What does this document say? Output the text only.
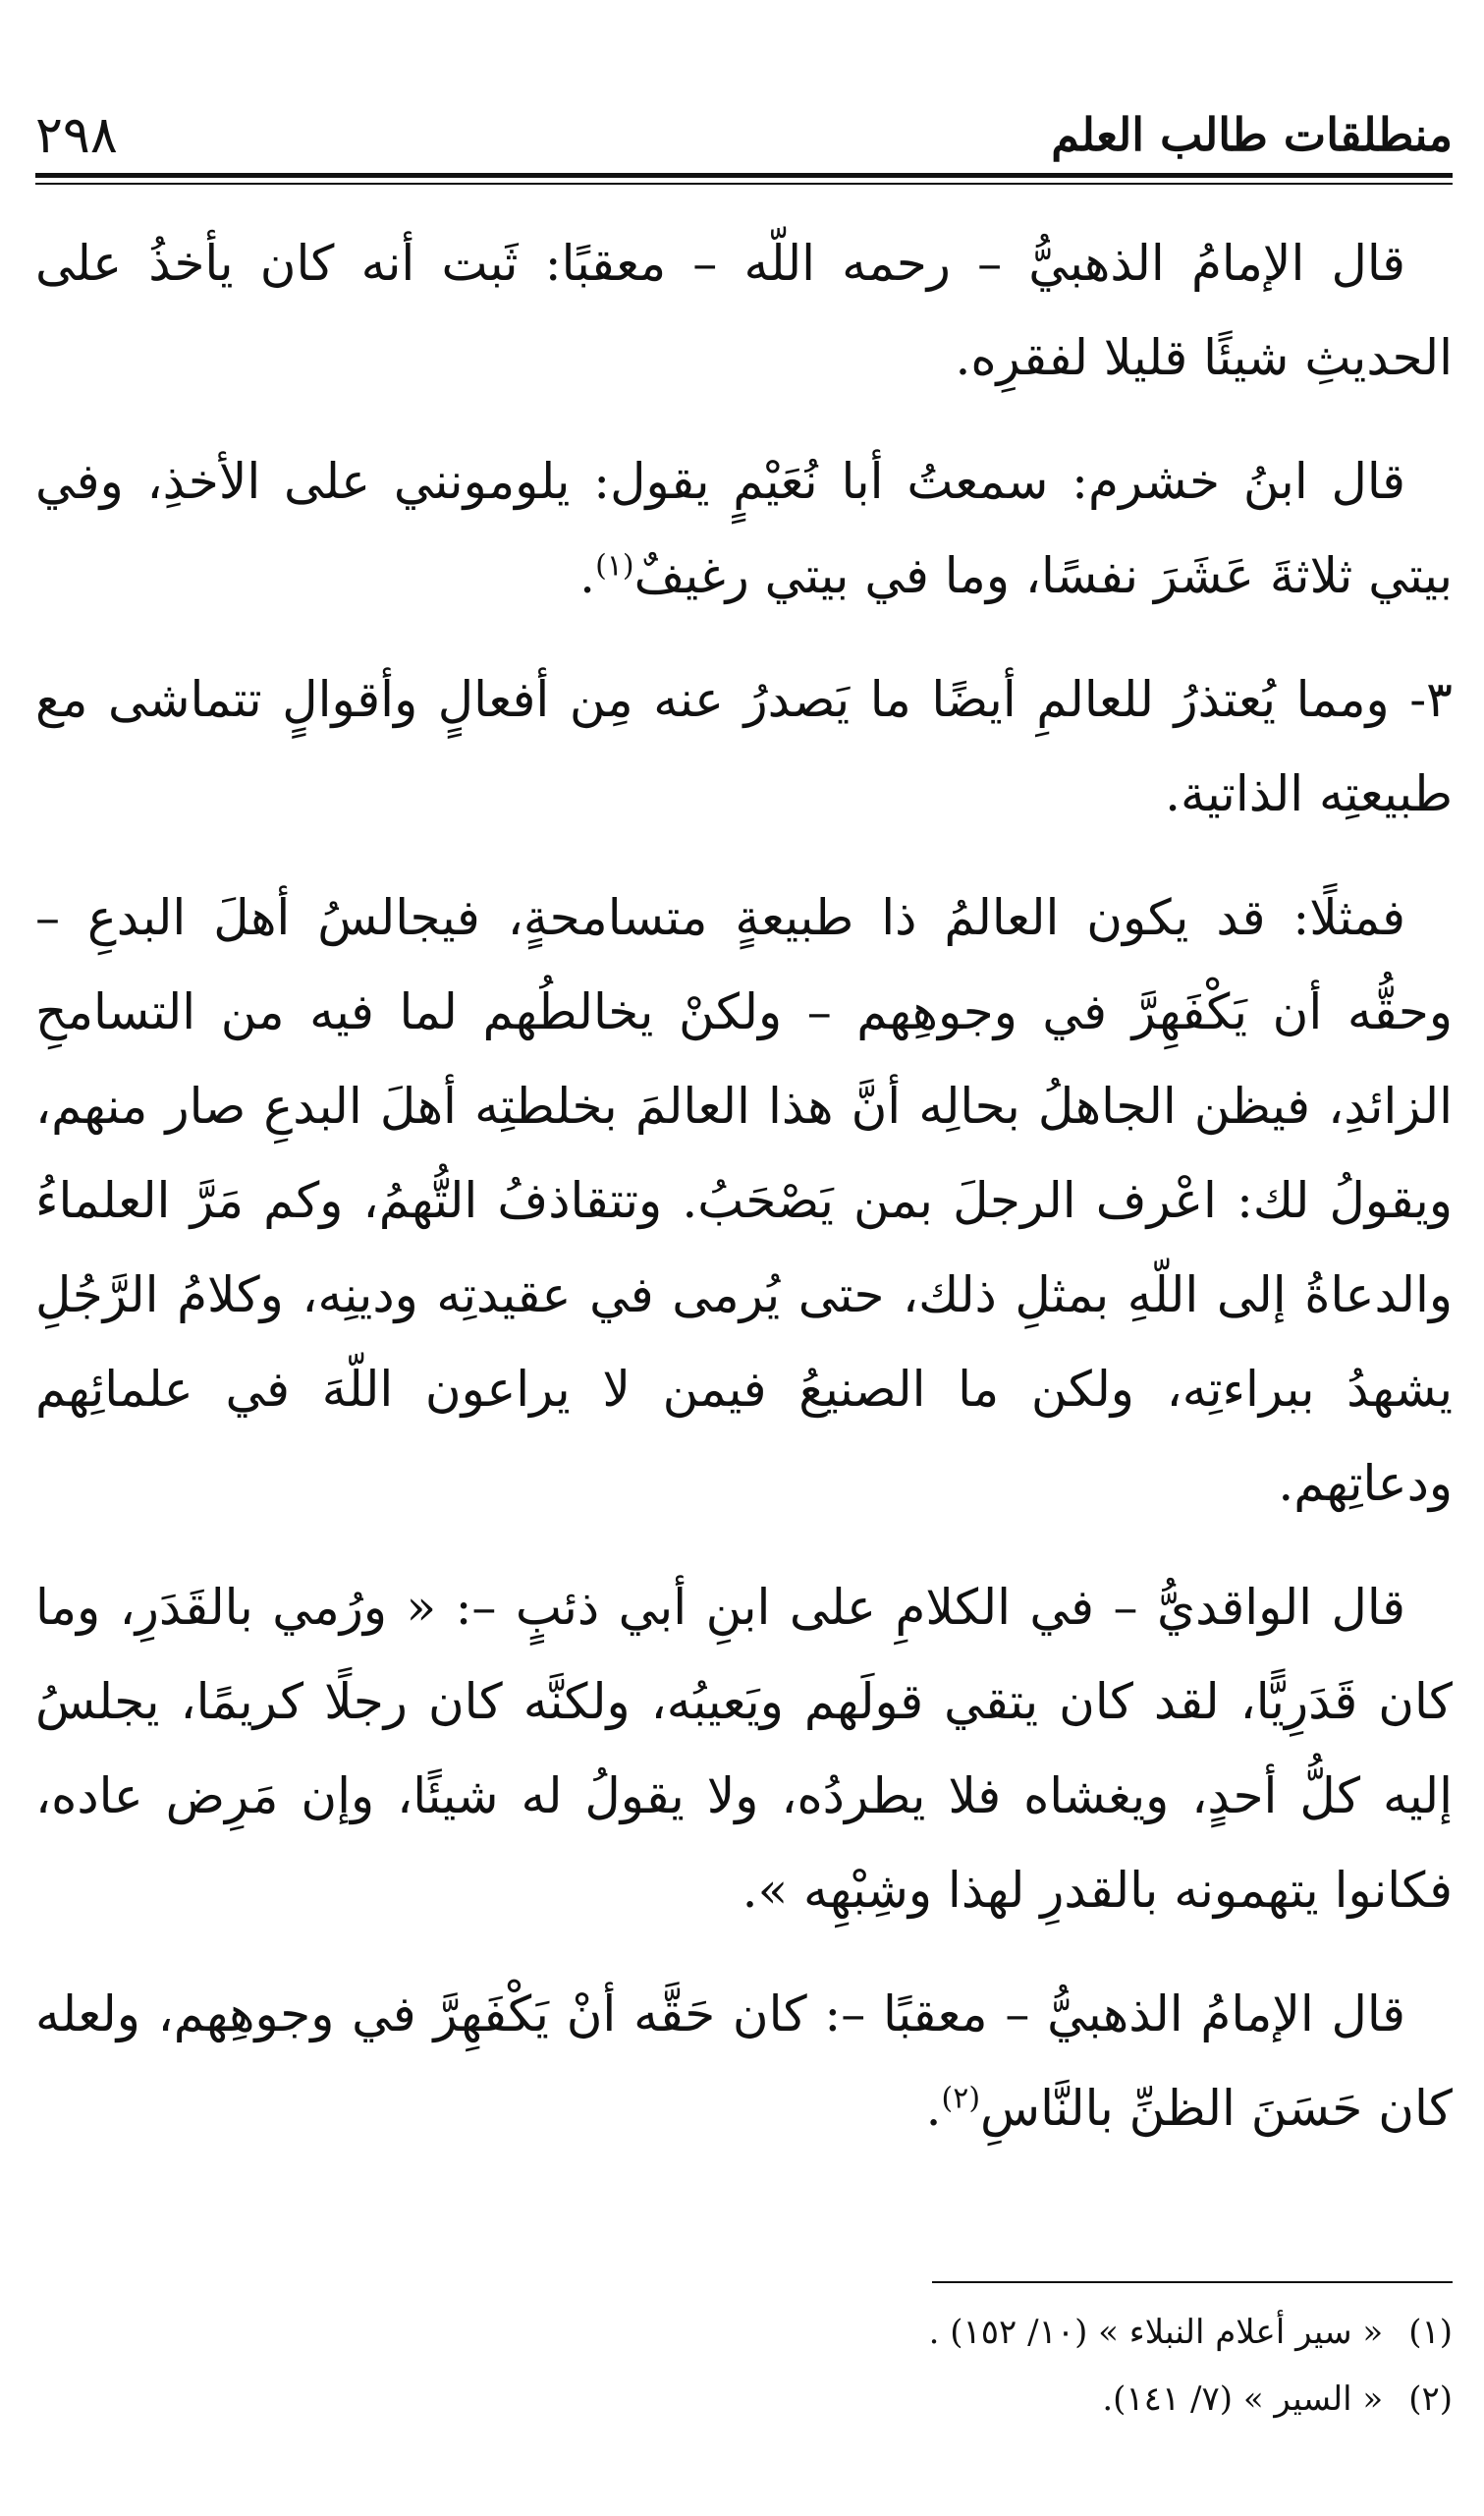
٢٩٨	منطلقات طالب العلم

قال الإمامُ الذهبيُّ – رحمه اللّه – معقبًا: ثَبت أنه كان يأخذُ على الحديثِ شيئًا قليلا لفقرِه.

قال ابنُ خشرم: سمعتُ أبا نُعَيْمٍ يقول: يلومونني على الأخذِ، وفي بيتي ثلاثةَ عَشَرَ نفسًا، وما في بيتي رغيفٌ$^{(١)}$.

٣- ومما يُعتذرُ للعالمِ أيضًا ما يَصدرُ عنه مِن أفعالٍ وأقوالٍ تتماشى مع طبيعتِه الذاتية.

فمثلًا: قد يكون العالمُ ذا طبيعةٍ متسامحةٍ، فيجالسُ أهلَ البدعِ – وحقُّه أن يَكْفَهِرَّ في وجوهِهم – ولكنْ يخالطُهم لما فيه من التسامحِ الزائدِ، فيظن الجاهلُ بحالِه أنَّ هذا العالمَ بخلطتِه أهلَ البدعِ صار منهم، ويقولُ لك: اعْرف الرجلَ بمن يَصْحَبُ. وتتقاذفُ التُّهمُ، وكم مَرَّ العلماءُ والدعاةُ إلى اللّهِ بمثلِ ذلك، حتى يُرمى في عقيدتِه ودينِه، وكلامُ الرَّجُلِ يشهدُ ببراءتِه، ولكن ما الصنيعُ فيمن لا يراعون اللّهَ في علمائِهم ودعاتِهم.

قال الواقديُّ – في الكلامِ على ابنِ أبي ذئبٍ –: « ورُمي بالقَدَرِ، وما كان قَدَرِيًّا، لقد كان يتقي قولَهم ويَعيبُه، ولكنَّه كان رجلًا كريمًا، يجلسُ إليه كلُّ أحدٍ، ويغشاه فلا يطردُه، ولا يقولُ له شيئًا، وإن مَرِض عاده، فكانوا يتهمونه بالقدرِ لهذا وشِبْهِه ».

قال الإمامُ الذهبيُّ – معقبًا –: كان حَقَّه أنْ يَكْفَهِرَّ في وجوهِهم، ولعله كان حَسَنَ الظنِّ بالنَّاسِ$^{(٢)}$.

(١)« سير أعلام النبلاء » (١٠/ ١٥٢) .
(٢)« السير » (٧/ ١٤١).
